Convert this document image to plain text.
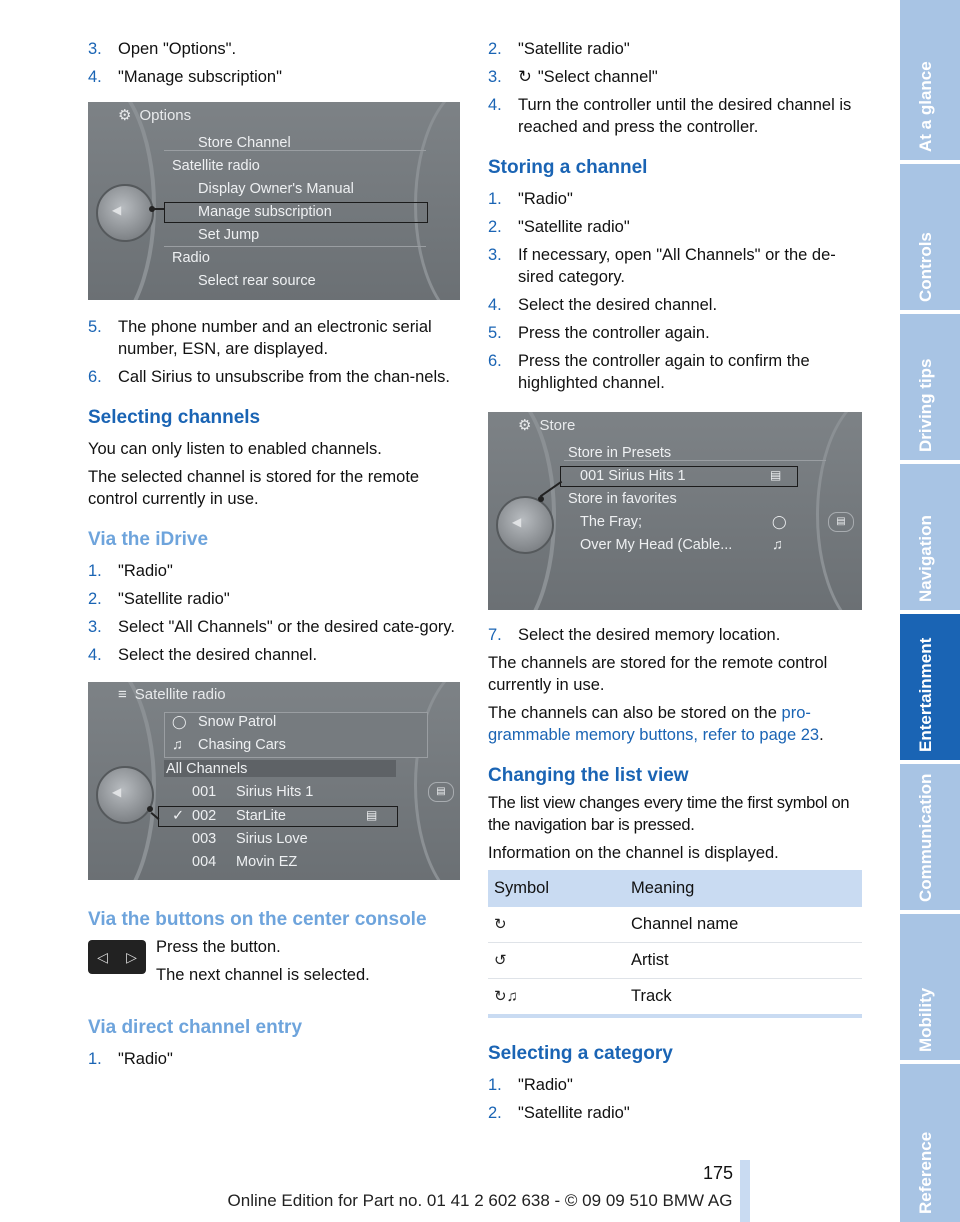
3. Open "Options".
4. "Manage subscription"
⚙ Options
Store Channel
Satellite radio
Display Owner's Manual
Manage subscription
Set Jump
Radio
Select rear source
◀
5. The phone number and an electronic serial number, ESN, are displayed.
6. Call Sirius to unsubscribe from the chan-nels.
Selecting channels

You can only listen to enabled channels.

The selected channel is stored for the remote control currently in use.

Via the iDrive
1. "Radio"
2. "Satellite radio"
3. Select "All Channels" or the desired cate-gory.
4. Select the desired channel.
≡ Satellite radio
◯ Snow Patrol
♫ Chasing Cars
All Channels
001 Sirius Hits 1
✓ 002 StarLite	▤
003 Sirius Love
004 Movin EZ
◀
▤
Via the buttons on the center console
◁ ▷

Press the button.

The next channel is selected.

Via direct channel entry
1. "Radio"
2. "Satellite radio"
3. ↻ "Select channel"
4. Turn the controller until the desired channel is reached and press the controller.
Storing a channel
1. "Radio"
2. "Satellite radio"
3. If necessary, open "All Channels" or the de-sired category.
4. Select the desired channel.
5. Press the controller again.
6. Press the controller again to confirm the highlighted channel.
⚙ Store
Store in Presets
001 Sirius Hits 1	▤
Store in favorites
The Fray;	◯
Over My Head (Cable...	♫
◀
▤
7. Select the desired memory location.

The channels are stored for the remote control currently in use.

The channels can also be stored on the pro-grammable memory buttons, refer to page 23.

Changing the list view

The list view changes every time the first symbol on the navigation bar is pressed.

Information on the channel is displayed.

Symbol	Meaning
↻	Channel name
↺	Artist
↻♫	Track
Selecting a category
1. "Radio"
2. "Satellite radio"
At a glance
Controls
Driving tips
Navigation
Entertainment
Communication
Mobility
Reference
175
Online Edition for Part no. 01 41 2 602 638 - © 09 09 510 BMW AG
